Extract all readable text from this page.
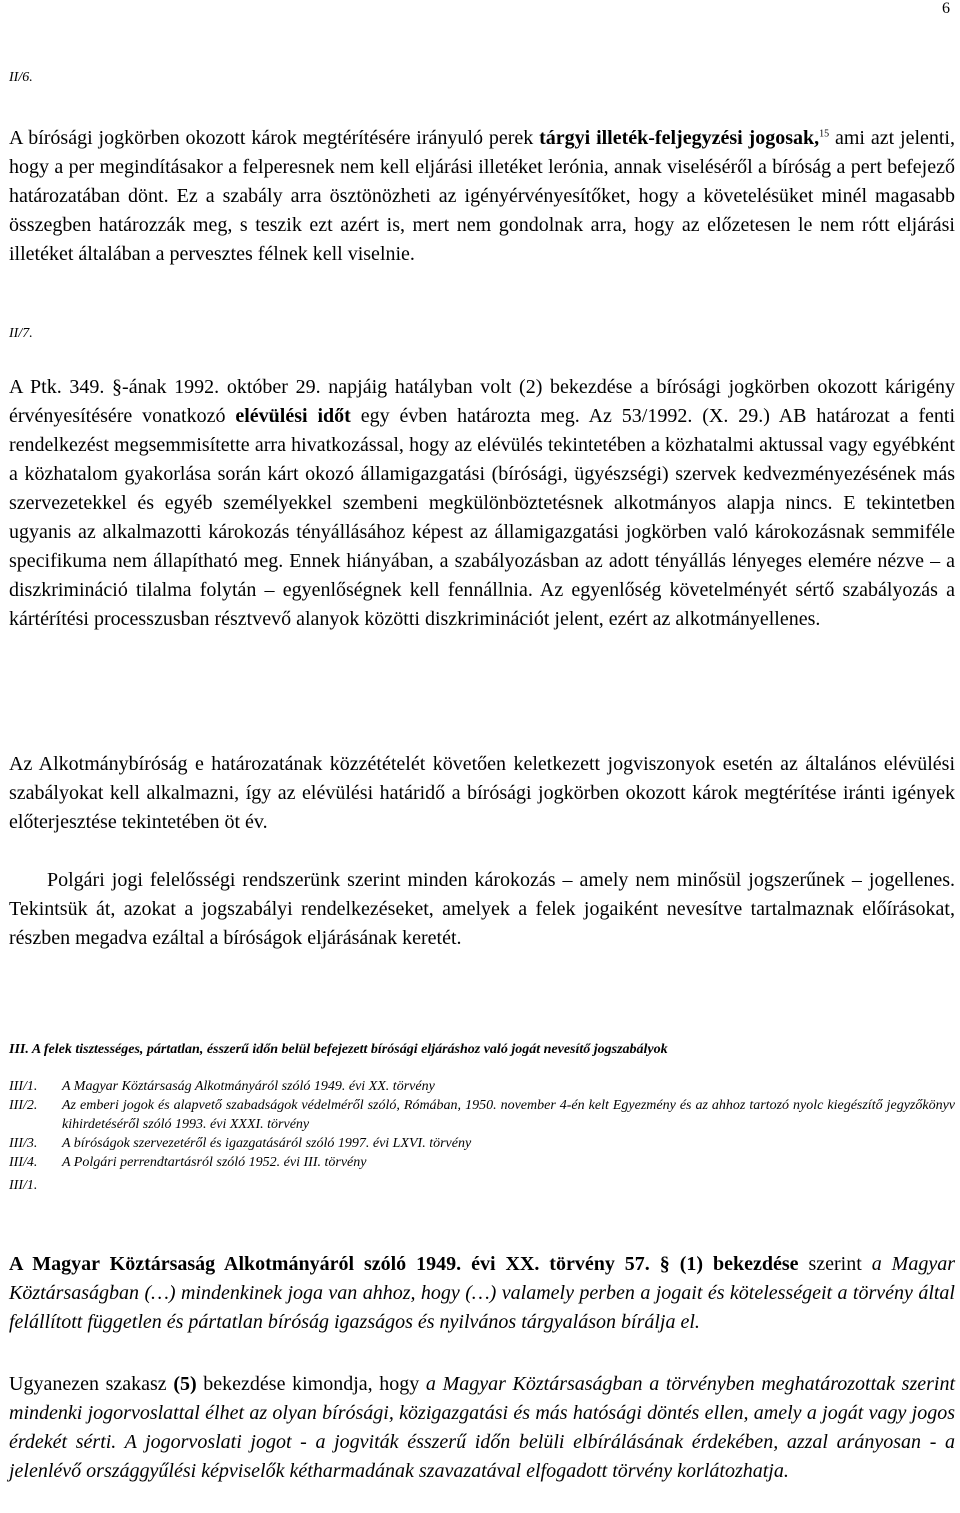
6
II/6.
A bírósági jogkörben okozott károk megtérítésére irányuló perek tárgyi illeték-feljegyzési jogosak,$^{15}$ ami azt jelenti, hogy a per megindításakor a felperesnek nem kell eljárási illetéket lerónia, annak viseléséről a bíróság a pert befejező határozatában dönt. Ez a szabály arra ösztönözheti az igényérvényesítőket, hogy a követelésüket minél magasabb összegben határozzák meg, s teszik ezt azért is, mert nem gondolnak arra, hogy az előzetesen le nem rótt eljárási illetéket általában a pervesztes félnek kell viselnie.
II/7.
A Ptk. 349. §-ának 1992. október 29. napjáig hatályban volt (2) bekezdése a bírósági jogkörben okozott kárigény érvényesítésére vonatkozó elévülési időt egy évben határozta meg. Az 53/1992. (X. 29.) AB határozat a fenti rendelkezést megsemmisítette arra hivatkozással, hogy az elévülés tekintetében a közhatalmi aktussal vagy egyébként a közhatalom gyakorlása során kárt okozó államigazgatási (bírósági, ügyészségi) szervek kedvezményezésének más szervezetekkel és egyéb személyekkel szembeni megkülönböztetésnek alkotmányos alapja nincs. E tekintetben ugyanis az alkalmazotti károkozás tényállásához képest az államigazgatási jogkörben való károkozásnak semmiféle specifikuma nem állapítható meg. Ennek hiányában, a szabályozásban az adott tényállás lényeges elemére nézve – a diszkrimináció tilalma folytán – egyenlőségnek kell fennállnia. Az egyenlőség követelményét sértő szabályozás a kártérítési processzusban résztvevő alanyok közötti diszkriminációt jelent, ezért az alkotmányellenes.
Az Alkotmánybíróság e határozatának közzétételét követően keletkezett jogviszonyok esetén az általános elévülési szabályokat kell alkalmazni, így az elévülési határidő a bírósági jogkörben okozott károk megtérítése iránti igények előterjesztése tekintetében öt év.
Polgári jogi felelősségi rendszerünk szerint minden károkozás – amely nem minősül jogszerűnek – jogellenes. Tekintsük át, azokat a jogszabályi rendelkezéseket, amelyek a felek jogaiként nevesítve tartalmaznak előírásokat, részben megadva ezáltal a bíróságok eljárásának keretét.
III. A felek tisztességes, pártatlan, ésszerű időn belül befejezett bírósági eljáráshoz való jogát nevesítő jogszabályok
III/1.	A Magyar Köztársaság Alkotmányáról szóló 1949. évi XX. törvény
III/2.	Az emberi jogok és alapvető szabadságok védelméről szóló, Rómában, 1950. november 4-én kelt Egyezmény és az ahhoz tartozó nyolc kiegészítő jegyzőkönyv kihirdetéséről szóló 1993. évi XXXI. törvény
III/3.	A bíróságok szervezetéről és igazgatásáról szóló 1997. évi LXVI. törvény
III/4.	A Polgári perrendtartásról szóló 1952. évi III. törvény
III/1.
A Magyar Köztársaság Alkotmányáról szóló 1949. évi XX. törvény 57. § (1) bekezdése szerint a Magyar Köztársaságban (…) mindenkinek joga van ahhoz, hogy (…) valamely perben a jogait és kötelességeit a törvény által felállított független és pártatlan bíróság igazságos és nyilvános tárgyaláson bírálja el.
Ugyanezen szakasz (5) bekezdése kimondja, hogy a Magyar Köztársaságban a törvényben meghatározottak szerint mindenki jogorvoslattal élhet az olyan bírósági, közigazgatási és más hatósági döntés ellen, amely a jogát vagy jogos érdekét sérti. A jogorvoslati jogot - a jogviták ésszerű időn belüli elbírálásának érdekében, azzal arányosan - a jelenlévő országgyűlési képviselők kétharmadának szavazatával elfogadott törvény korlátozhatja.
